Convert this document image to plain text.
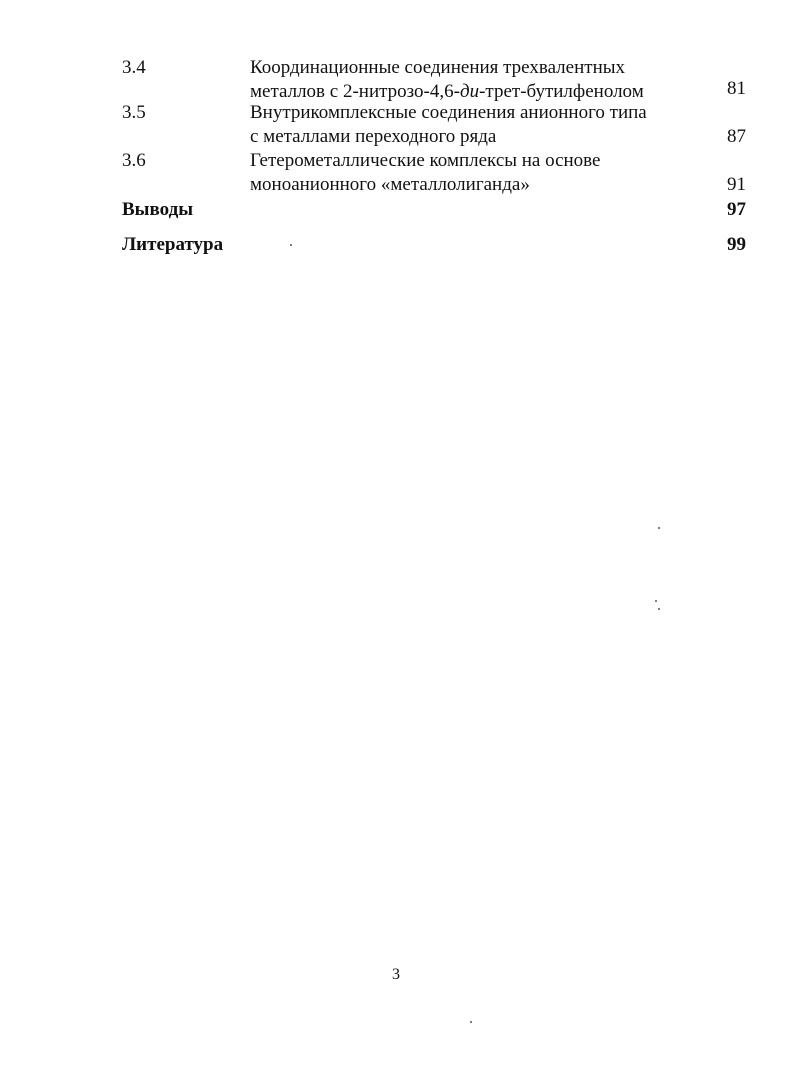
3.4	Координационные соединения трехвалентных
металлов с 2-нитрозо-4,6-ди-трет-бутилфенолом	81
3.5	Внутрикомплексные соединения анионного типа
с металлами переходного ряда	87
3.6	Гетерометаллические комплексы на основе
моноанионного «металлолиганда»	91
Выводы	97
Литература	99
3
